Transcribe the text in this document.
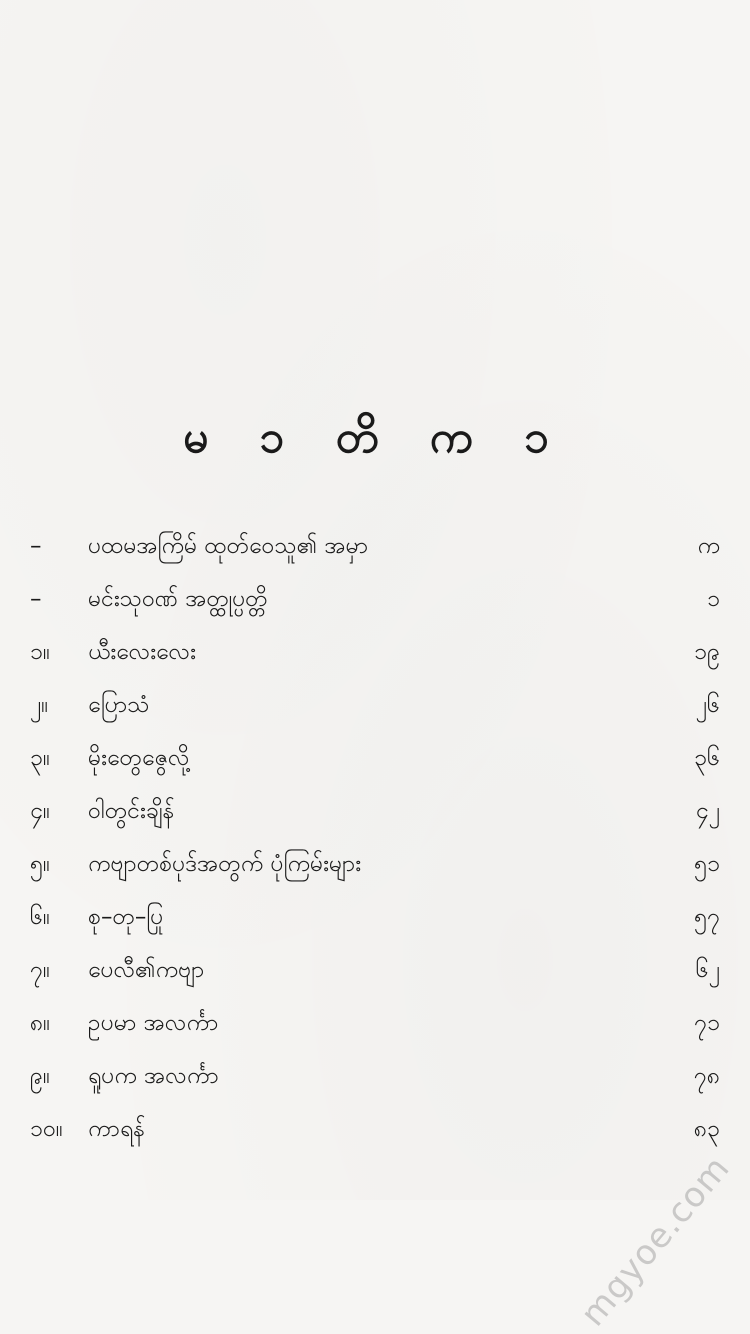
မ ၁ တိ က ၁
–	ပထမအကြိမ် ထုတ်ဝေသူ၏ အမှာ	က
–	မင်းသုဝဏ် အတ္ထုပ္ပတ္တိ	၁
၁။	ယီးလေးလေး	၁၉
၂။	ပြောသံ	၂၆
၃။	မိုးတွေဇွေလို့	၃၆
၄။	ဝါတွင်းချိန်	၄၂
၅။	ကဗျာတစ်ပုဒ်အတွက် ပုံကြမ်းများ	၅၁
၆။	စု–တု–ပြု	၅၇
၇။	ပေလီ၏ကဗျာ	၆၂
၈။	ဥပမာ အလင်္ကာ	၇၁
၉။	ရူပက အလင်္ကာ	၇၈
၁၀။	ကာရန်	၈၃
mgyoe.com
